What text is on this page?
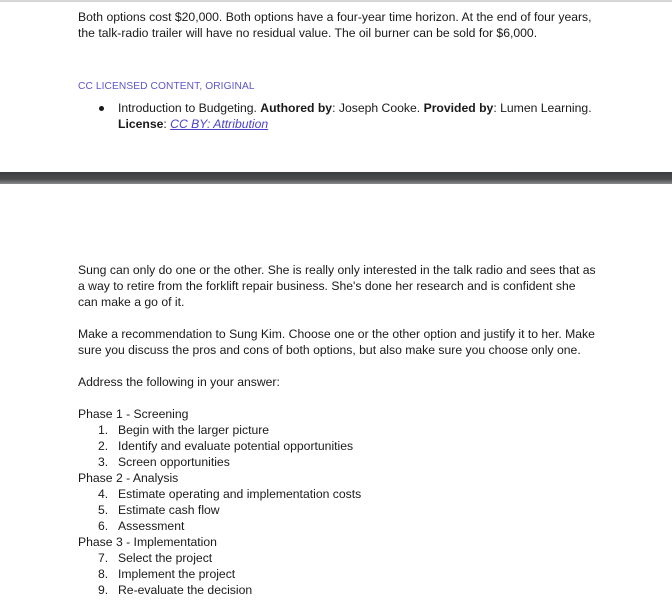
Both options cost $20,000. Both options have a four-year time horizon. At the end of four years, the talk-radio trailer will have no residual value. The oil burner can be sold for $6,000.

CC LICENSED CONTENT, ORIGINAL

Introduction to Budgeting. Authored by: Joseph Cooke. Provided by: Lumen Learning.
License: CC BY: Attribution

Sung can only do one or the other. She is really only interested in the talk radio and sees that as a way to retire from the forklift repair business. She's done her research and is confident she can make a go of it.

Make a recommendation to Sung Kim. Choose one or the other option and justify it to her. Make sure you discuss the pros and cons of both options, but also make sure you choose only one.

Address the following in your answer:

Phase 1 - Screening
1. Begin with the larger picture
2. Identify and evaluate potential opportunities
3. Screen opportunities
Phase 2 - Analysis
4. Estimate operating and implementation costs
5. Estimate cash flow
6. Assessment
Phase 3 - Implementation
7. Select the project
8. Implement the project
9. Re-evaluate the decision
